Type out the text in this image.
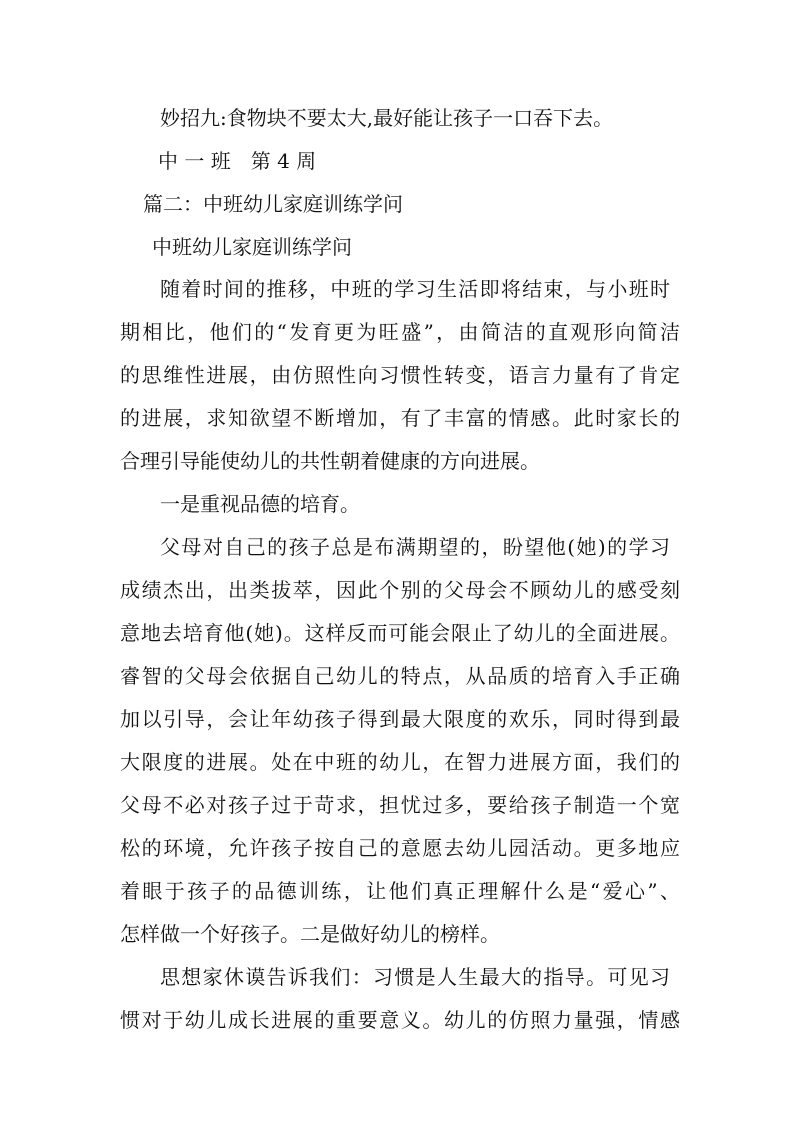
妙招九:食物块不要太大,最好能让孩子一口吞下去。
中 一 班　第 4 周
篇二：中班幼儿家庭训练学问
中班幼儿家庭训练学问
随着时间的推移，中班的学习生活即将结束，与小班时
期相比，他们的“发育更为旺盛”，由简洁的直观形向简洁
的思维性进展，由仿照性向习惯性转变，语言力量有了肯定
的进展，求知欲望不断增加，有了丰富的情感。此时家长的
合理引导能使幼儿的共性朝着健康的方向进展。
一是重视品德的培育。
父母对自己的孩子总是布满期望的，盼望他(她)的学习
成绩杰出，出类拔萃，因此个别的父母会不顾幼儿的感受刻
意地去培育他(她)。这样反而可能会限止了幼儿的全面进展。
睿智的父母会依据自己幼儿的特点，从品质的培育入手正确
加以引导，会让年幼孩子得到最大限度的欢乐，同时得到最
大限度的进展。处在中班的幼儿，在智力进展方面，我们的
父母不必对孩子过于苛求，担忧过多，要给孩子制造一个宽
松的环境，允许孩子按自己的意愿去幼儿园活动。更多地应
着眼于孩子的品德训练，让他们真正理解什么是“爱心”、
怎样做一个好孩子。二是做好幼儿的榜样。
思想家休谟告诉我们：习惯是人生最大的指导。可见习
惯对于幼儿成长进展的重要意义。幼儿的仿照力量强，情感
